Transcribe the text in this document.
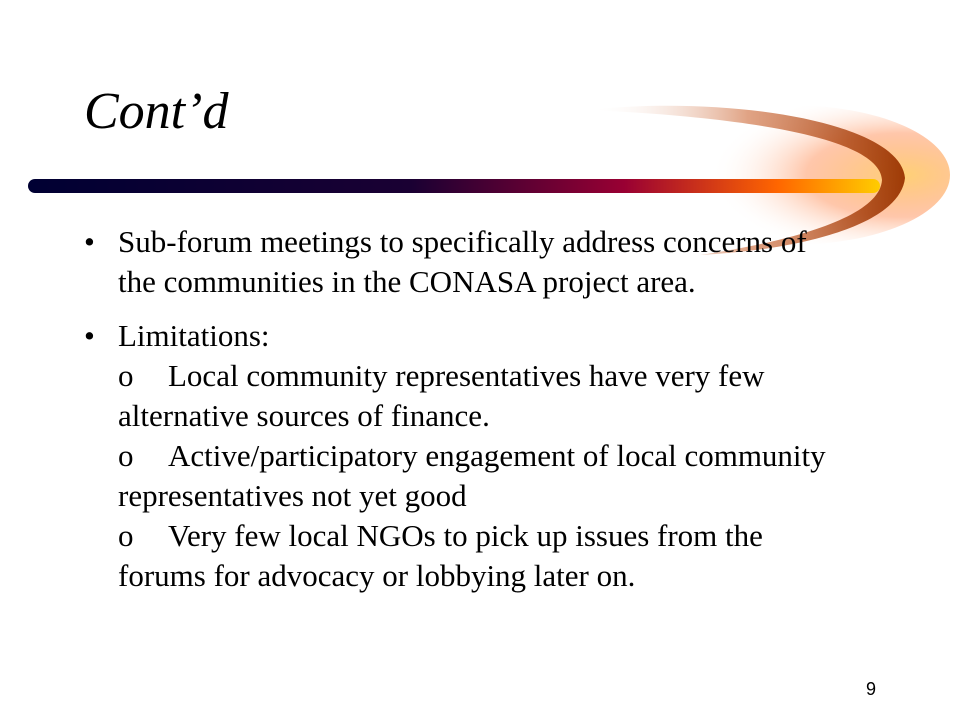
Cont’d
• Sub-forum meetings to specifically address concerns of the communities in the CONASA project area.
• Limitations:
o Local community representatives have very few alternative sources of finance.
o Active/participatory engagement of local community representatives not yet good
o Very few local NGOs to pick up issues from the forums for advocacy or lobbying later on.
9
